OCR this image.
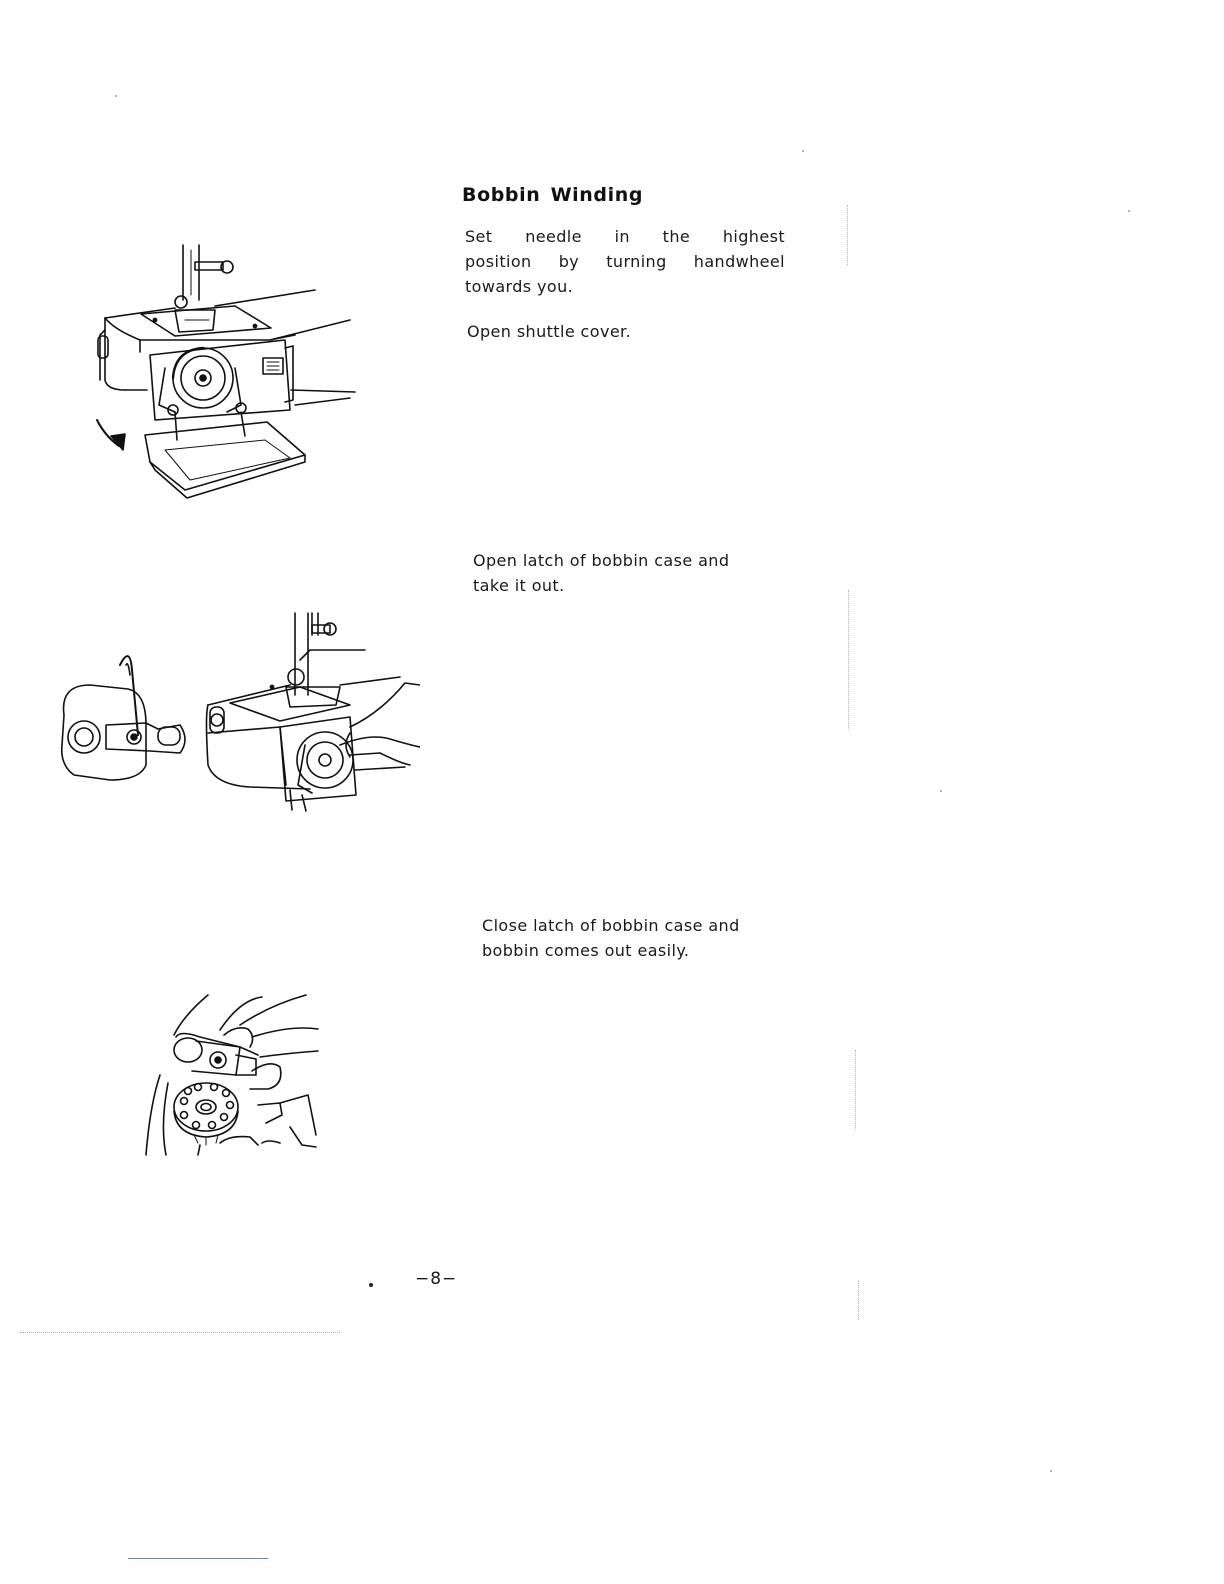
Bobbin Winding
Set needle in the highest
position by turning handwheel
towards you.
Open shuttle cover.
Open latch of bobbin case and
take it out.
Close latch of bobbin case and
bobbin comes out easily.
−8−
